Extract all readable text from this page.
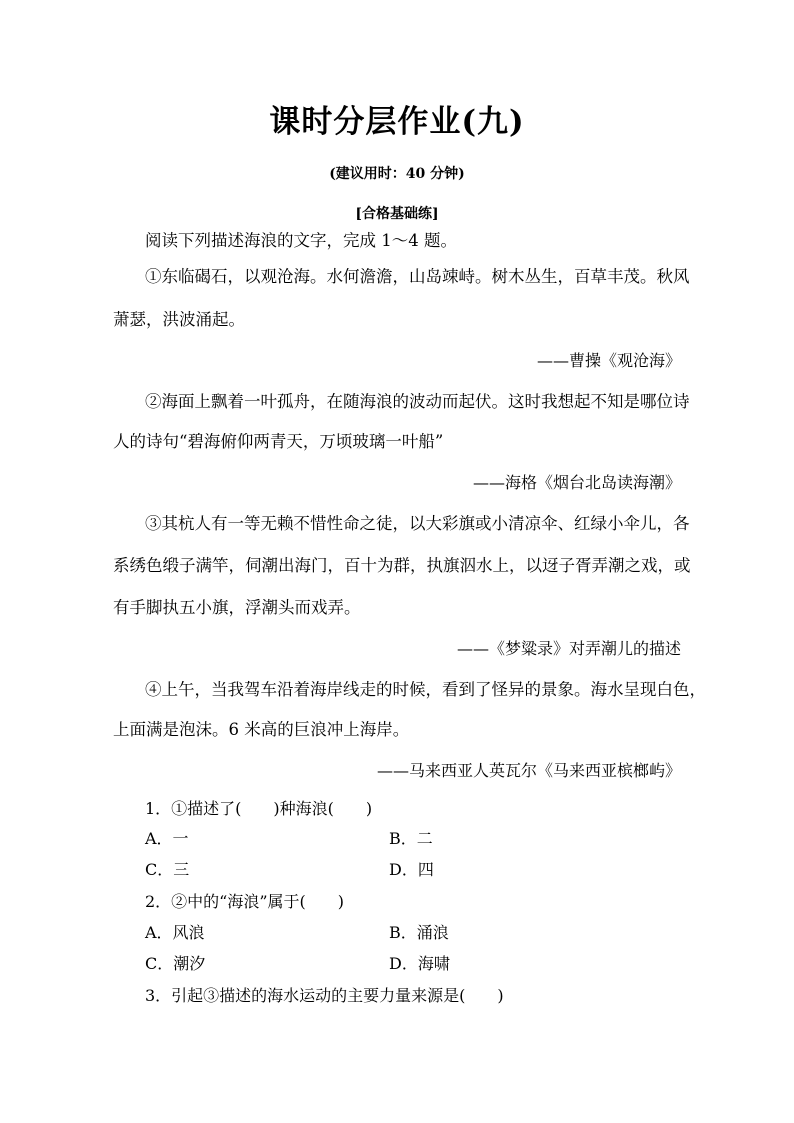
课时分层作业(九)
(建议用时：40 分钟)
[合格基础练]
阅读下列描述海浪的文字，完成 1～4 题。
①东临碣石，以观沧海。水何澹澹，山岛竦峙。树木丛生，百草丰茂。秋风
萧瑟，洪波涌起。
——曹操《观沧海》
②海面上飘着一叶孤舟，在随海浪的波动而起伏。这时我想起不知是哪位诗
人的诗句“碧海俯仰两青天，万顷玻璃一叶船”
——海格《烟台北岛读海潮》
③其杭人有一等无赖不惜性命之徒，以大彩旗或小清凉伞、红绿小伞儿，各
系绣色缎子满竿，伺潮出海门，百十为群，执旗泅水上，以迓子胥弄潮之戏，或
有手脚执五小旗，浮潮头而戏弄。
——《梦粱录》对弄潮儿的描述
④上午，当我驾车沿着海岸线走的时候，看到了怪异的景象。海水呈现白色，
上面满是泡沫。6 米高的巨浪冲上海岸。
——马来西亚人英瓦尔《马来西亚槟榔屿》
1．①描述了(　　)种海浪(　　)
A．一	B．二
C．三	D．四
2．②中的“海浪”属于(　　)
A．风浪	B．涌浪
C．潮汐	D．海啸
3．引起③描述的海水运动的主要力量来源是(　　)
